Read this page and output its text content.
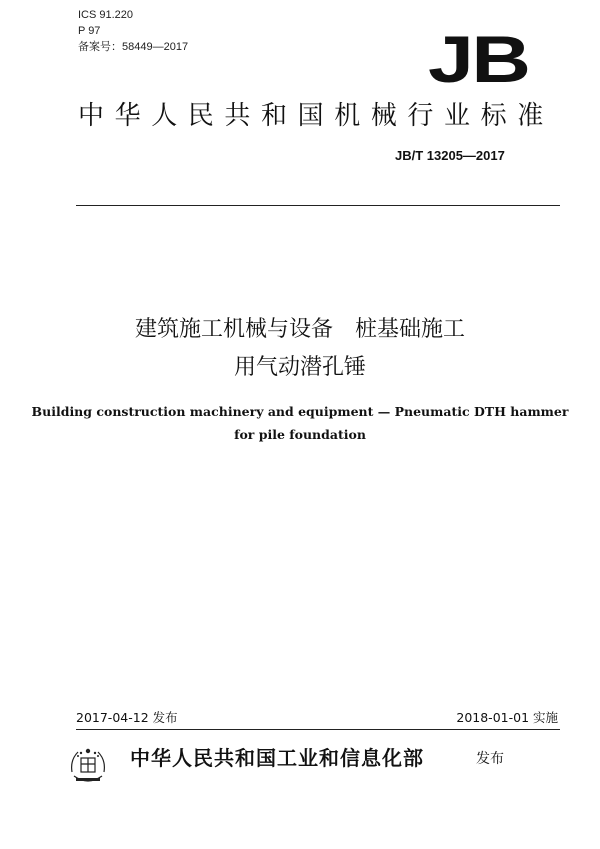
ICS 91.220
P 97
备案号：58449—2017	JB
中华人民共和国机械行业标准
JB/T 13205—2017
建筑施工机械与设备　桩基础施工
用气动潜孔锤
Building construction machinery and equipment — Pneumatic DTH hammer
for pile foundation
2017-04-12 发布	2018-01-01 实施
中华人民共和国工业和信息化部	发布
